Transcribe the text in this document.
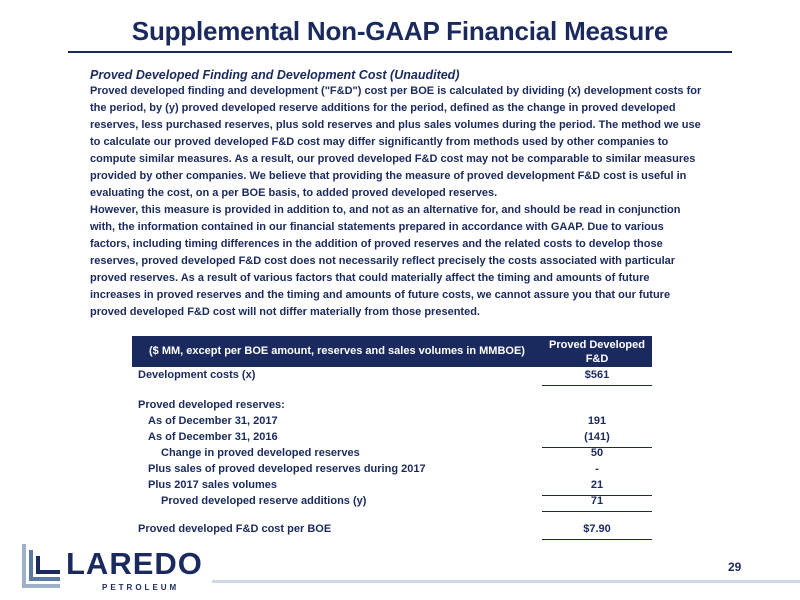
Supplemental Non-GAAP Financial Measure
Proved Developed Finding and Development Cost (Unaudited)

Proved developed finding and development ("F&D") cost per BOE is calculated by dividing (x) development costs for the period, by (y) proved developed reserve additions for the period, defined as the change in proved developed reserves, less purchased reserves, plus sold reserves and plus sales volumes during the period. The method we use to calculate our proved developed F&D cost may differ significantly from methods used by other companies to compute similar measures. As a result, our proved developed F&D cost may not be comparable to similar measures provided by other companies. We believe that providing the measure of proved development F&D cost is useful in evaluating the cost, on a per BOE basis, to added proved developed reserves.

However, this measure is provided in addition to, and not as an alternative for, and should be read in conjunction with, the information contained in our financial statements prepared in accordance with GAAP. Due to various factors, including timing differences in the addition of proved reserves and the related costs to develop those reserves, proved developed F&D cost does not necessarily reflect precisely the costs associated with particular proved reserves. As a result of various factors that could materially affect the timing and amounts of future increases in proved reserves and the timing and amounts of future costs, we cannot assure you that our future proved developed F&D cost will not differ materially from those presented.

($ MM, except per BOE amount, reserves and sales volumes in MMBOE)	Proved Developed
F&D
Development costs (x)	$561
Proved developed reserves:
As of December 31, 2017	191
As of December 31, 2016	(141)
Change in proved developed reserves	50
Plus sales of proved developed reserves during 2017	-
Plus 2017 sales volumes	21
Proved developed reserve additions (y)	71
Proved developed F&D cost per BOE	$7.90
LAREDO
PETROLEUM
29
